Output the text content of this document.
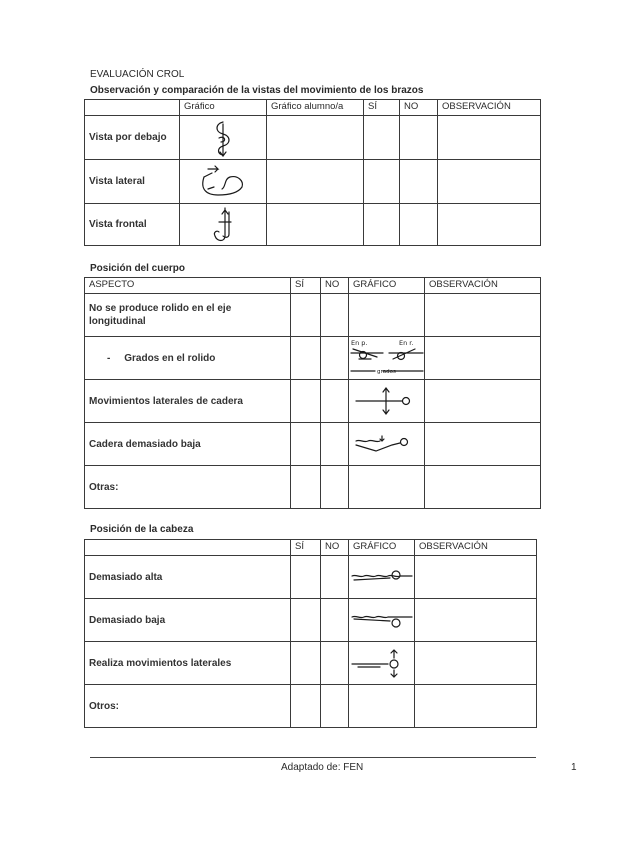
EVALUACIÓN CROL
Observación y comparación de la vistas del movimiento de los brazos
	Gráfico	Gráfico alumno/a	SÍ	NO	OBSERVACIÓN
Vista por debajo	

Vista lateral	

Vista frontal	

Posición del cuerpo
ASPECTO	SÍ	NO	GRÁFICO	OBSERVACIÓN
No se produce rolido en el eje longitudinal				
-     Grados en el rolido			En p. En r.
grados	

Movimientos laterales de cadera			

Cadera demasiado baja			

Otras:				
Posición de la cabeza
	SÍ	NO	GRÁFICO	OBSERVACIÓN
Demasiado alta			

Demasiado baja			

Realiza movimientos laterales			

Otros:				
Adaptado de: FEN	1
